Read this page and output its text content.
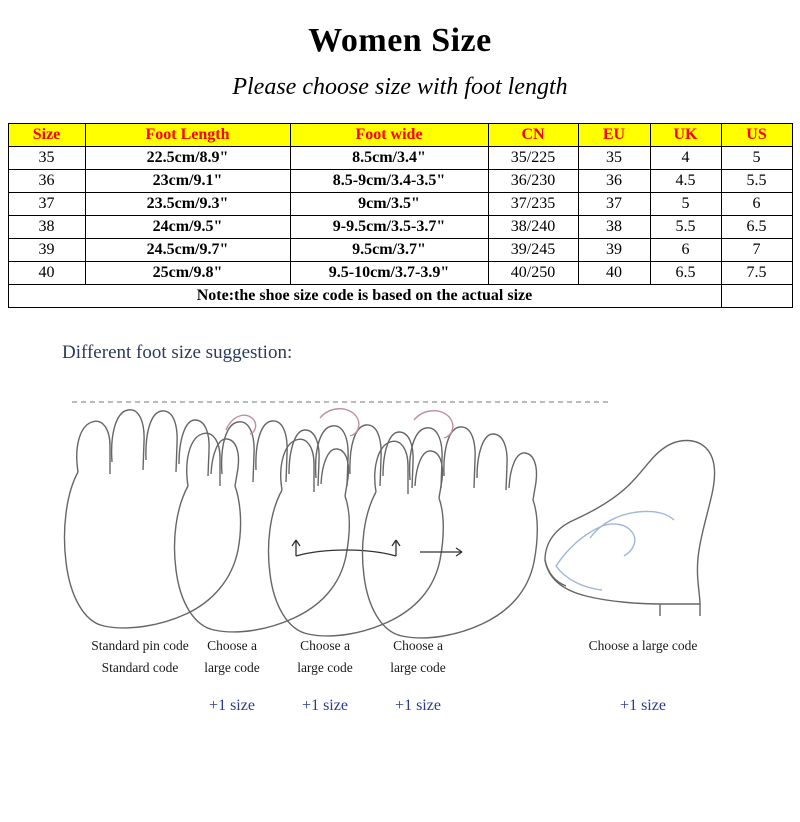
Women Size
Please choose size with foot length
Size	Foot Length	Foot wide	CN	EU	UK	US
35	22.5cm/8.9"	8.5cm/3.4"	35/225	35	4	5
36	23cm/9.1"	8.5-9cm/3.4-3.5"	36/230	36	4.5	5.5
37	23.5cm/9.3"	9cm/3.5"	37/235	37	5	6
38	24cm/9.5"	9-9.5cm/3.5-3.7"	38/240	38	5.5	6.5
39	24.5cm/9.7"	9.5cm/3.7"	39/245	39	6	7
40	25cm/9.8"	9.5-10cm/3.7-3.9"	40/250	40	6.5	7.5
Note:the shoe size code is based on the actual size						
Different foot size suggestion:
Standard pin code
Standard code
Choose a
large code
+1 size
Choose a
large code
+1 size
Choose a
large code
+1 size
Choose a large code
+1 size
